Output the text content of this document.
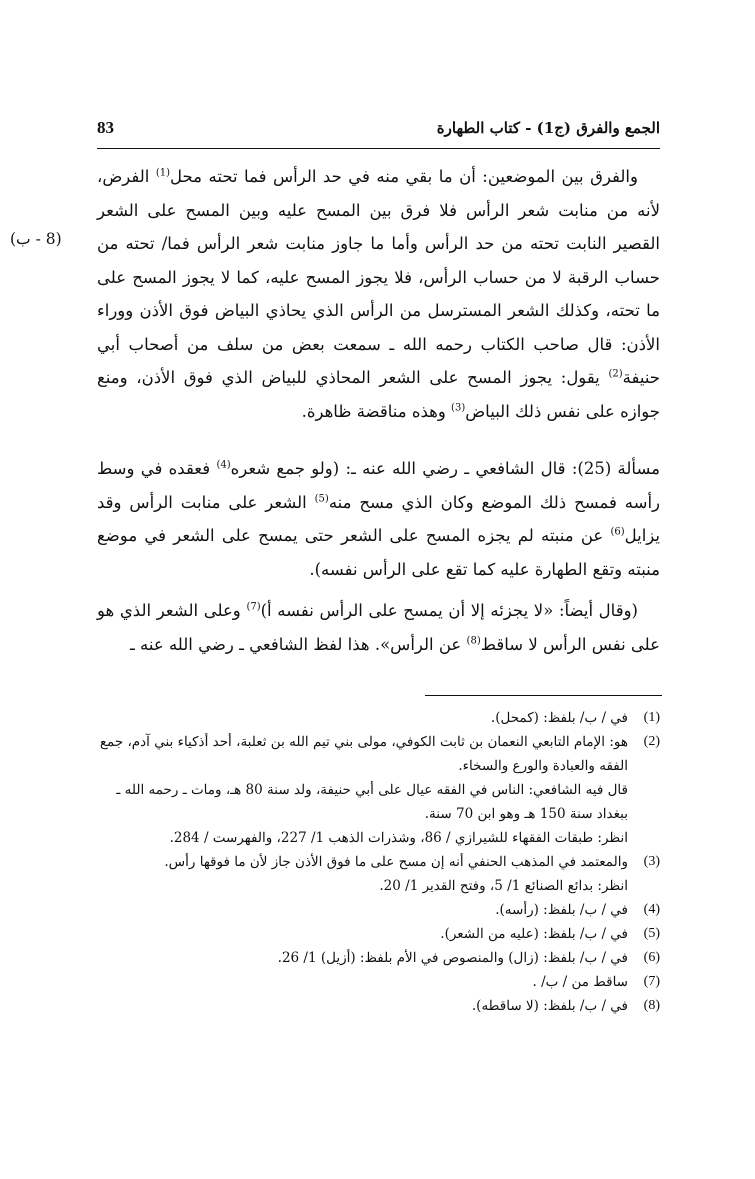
83	الجمع والفرق (ج1) - كتاب الطهارة
(8 - ب)

والفرق بين الموضعين: أن ما بقي منه في حد الرأس فما تحته محل$^{(1)}$ الفرض، لأنه من منابت شعر الرأس فلا فرق بين المسح عليه وبين المسح على الشعر القصير النابت تحته من حد الرأس وأما ما جاوز منابت شعر الرأس فما/ تحته من حساب الرقبة لا من حساب الرأس، فلا يجوز المسح عليه، كما لا يجوز المسح على ما تحته، وكذلك الشعر المسترسل من الرأس الذي يحاذي البياض فوق الأذن ووراء الأذن: قال صاحب الكتاب رحمه الله ـ سمعت بعض من سلف من أصحاب أبي حنيفة$^{(2)}$ يقول: يجوز المسح على الشعر المحاذي للبياض الذي فوق الأذن، ومنع جوازه على نفس ذلك البياض$^{(3)}$ وهذه مناقضة ظاهرة.

مسألة (25): قال الشافعي ـ رضي الله عنه ـ: (ولو جمع شعره$^{(4)}$ فعقده في وسط رأسه فمسح ذلك الموضع وكان الذي مسح منه$^{(5)}$ الشعر على منابت الرأس وقد يزايل$^{(6)}$ عن منبته لم يجزه المسح على الشعر حتى يمسح على الشعر في موضع منبته وتقع الطهارة عليه كما تقع على الرأس نفسه).

(وقال أيضاً: «لا يجزئه إلا أن يمسح على الرأس نفسه أ)$^{(7)}$ وعلى الشعر الذي هو على نفس الرأس لا ساقط$^{(8)}$ عن الرأس». هذا لفظ الشافعي ـ رضي الله عنه ـ

(1)
في / ب/ بلفظ: (كمحل).
(2)
هو: الإمام التابعي النعمان بن ثابت الكوفي، مولى بني تيم الله بن ثعلبة، أحد أذكياء بني آدم، جمع الفقه والعبادة والورع والسخاء.
قال فيه الشافعي: الناس في الفقه عيال على أبي حنيفة، ولد سنة 80 هـ، ومات ـ رحمه الله ـ ببغداد سنة 150 هـ وهو ابن 70 سنة.
انظر: طبقات الفقهاء للشيرازي / 86، وشذرات الذهب 1/ 227، والفهرست / 284.
(3)
والمعتمد في المذهب الحنفي أنه إن مسح على ما فوق الأذن جاز لأن ما فوقها رأس.
انظر: بدائع الصنائع 1/ 5، وفتح القدير 1/ 20.
(4)
في / ب/ بلفظ: (رأسه).
(5)
في / ب/ بلفظ: (عليه من الشعر).
(6)
في / ب/ بلفظ: (زال) والمنصوص في الأم بلفظ: (أزيل) 1/ 26.
(7)
ساقط من / ب/ .
(8)
في / ب/ بلفظ: (لا ساقطه).
